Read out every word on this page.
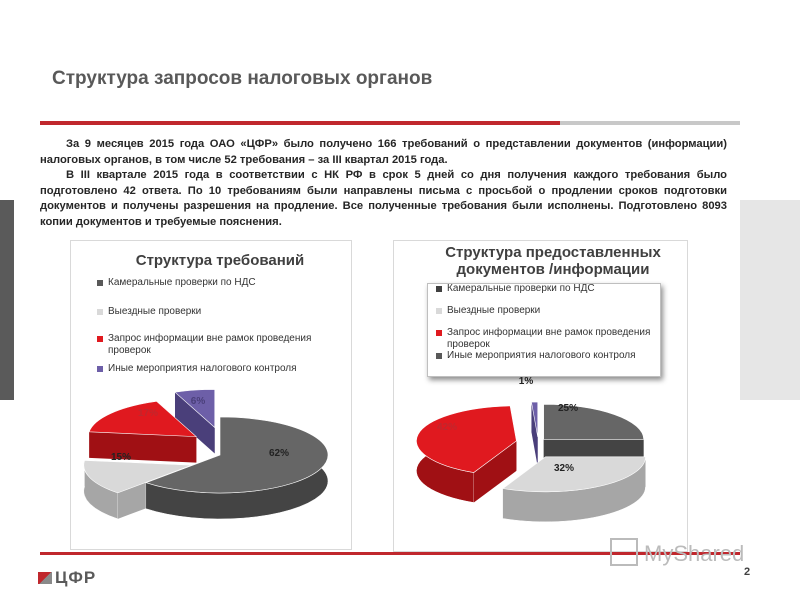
Структура запросов налоговых органов

За 9 месяцев 2015 года ОАО «ЦФР» было получено 166 требований о представлении документов (информации) налоговых органов, в том числе 52 требования – за III квартал 2015 года.

В III квартале 2015 года в соответствии с НК РФ в срок 5 дней со дня получения каждого требования было подготовлено 42 ответа. По 10 требованиям были направлены письма с просьбой о продлении сроков подготовки документов и получены разрешения на продление. Все полученные требования были исполнены. Подготовлено 8093 копии документов и требуемые пояснения.

Структура требований
Камеральные проверки по НДС
Выездные проверки
Запрос информации вне рамок проведения проверок
Иные мероприятия налогового контроля
62%
15%
17%
6%
Структура предоставленных документов /информации
Камеральные проверки по НДС
Выездные проверки
Запрос информации вне рамок проведения проверок
Иные мероприятия налогового контроля
25%
32%
42%
1%
MyShared
ЦФР	2
